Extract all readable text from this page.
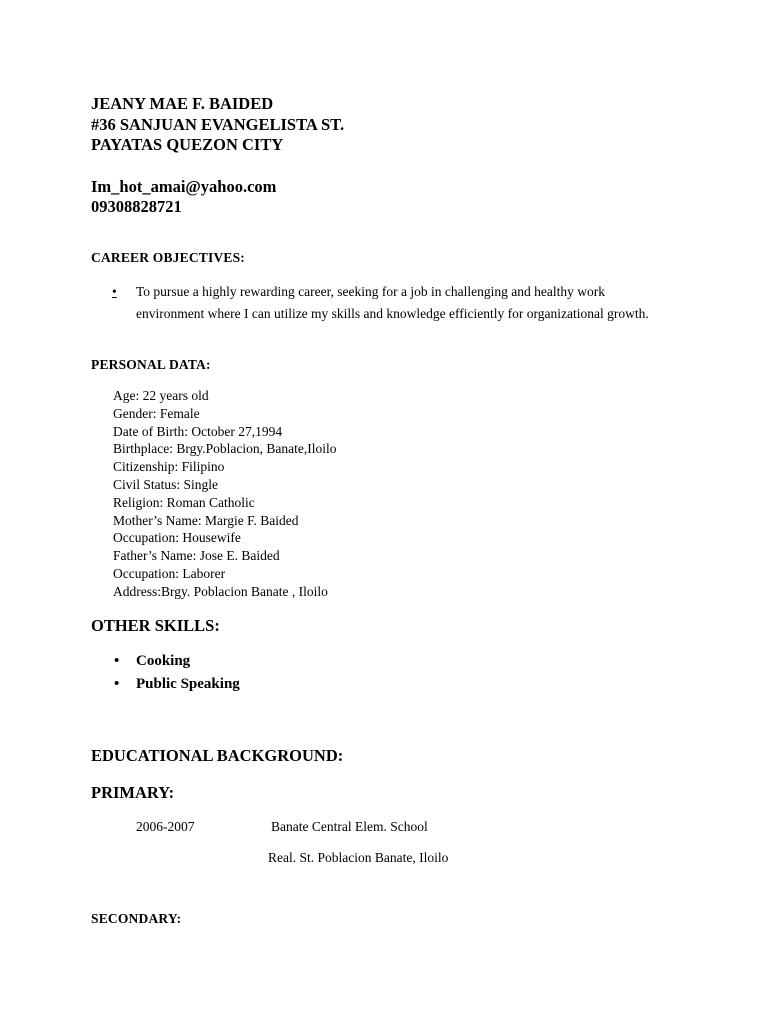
JEANY MAE F. BAIDED
#36 SANJUAN EVANGELISTA ST.
PAYATAS QUEZON CITY
Im_hot_amai@yahoo.com
09308828721
CAREER OBJECTIVES:
•	To pursue a highly rewarding career, seeking for a job in challenging and healthy work environment where I can utilize my skills and knowledge efficiently for organizational growth.
PERSONAL DATA:
Age: 22 years old
Gender: Female
Date of Birth: October 27,1994
Birthplace: Brgy.Poblacion, Banate,Iloilo
Citizenship: Filipino
Civil Status: Single
Religion: Roman Catholic
Mother’s Name: Margie F. Baided
Occupation: Housewife
Father’s Name: Jose E. Baided
Occupation: Laborer
Address:Brgy. Poblacion Banate , Iloilo
OTHER SKILLS:
• Cooking
• Public Speaking
EDUCATIONAL BACKGROUND:
PRIMARY:
2006-2007	Banate Central Elem. School
Real. St. Poblacion Banate, Iloilo
SECONDARY:
